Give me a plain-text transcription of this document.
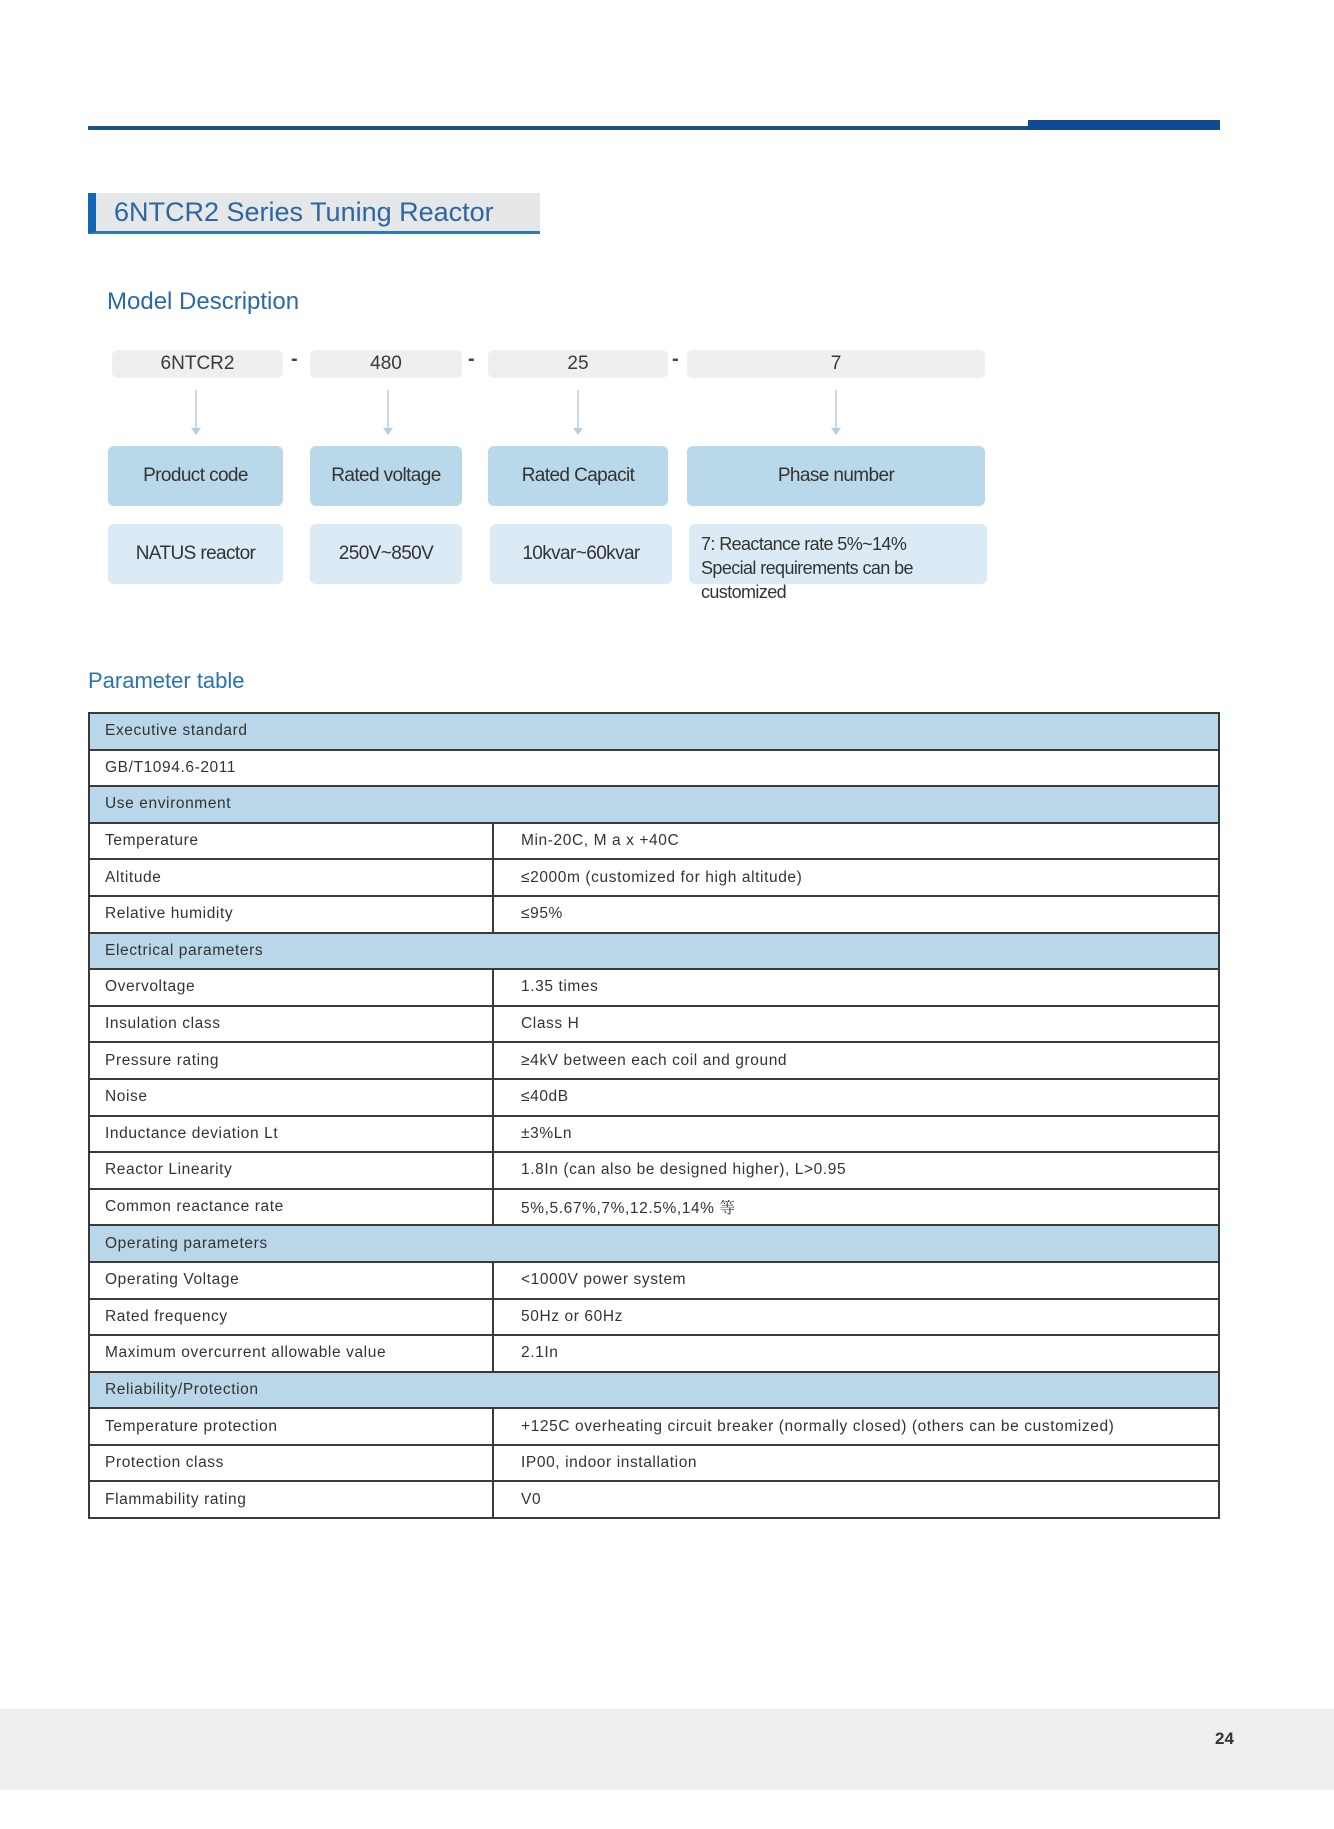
6NTCR2 Series Tuning Reactor
Model Description
6NTCR2	-	480	-	25	-	7
Product code	Rated voltage	Rated Capacit	Phase number
NATUS reactor	250V~850V	10kvar~60kvar	7: Reactance rate 5%~14%
Special requirements can be customized
Parameter table
Executive standard	
GB/T1094.6-2011	
Use environment	
Temperature	Min-20C, M a x +40C
Altitude	≤2000m (customized for high altitude)
Relative humidity	≤95%
Electrical parameters	
Overvoltage	1.35 times
Insulation class	Class H
Pressure rating	≥4kV between each coil and ground
Noise	≤40dB
Inductance deviation Lt	±3%Ln
Reactor Linearity	1.8In (can also be designed higher), L>0.95
Common reactance rate	5%,5.67%,7%,12.5%,14% 等
Operating parameters	
Operating Voltage	<1000V power system
Rated frequency	50Hz or 60Hz
Maximum overcurrent allowable value	2.1In
Reliability/Protection	
Temperature protection	+125C overheating circuit breaker (normally closed) (others can be customized)
Protection class	IP00, indoor installation
Flammability rating	V0
24
